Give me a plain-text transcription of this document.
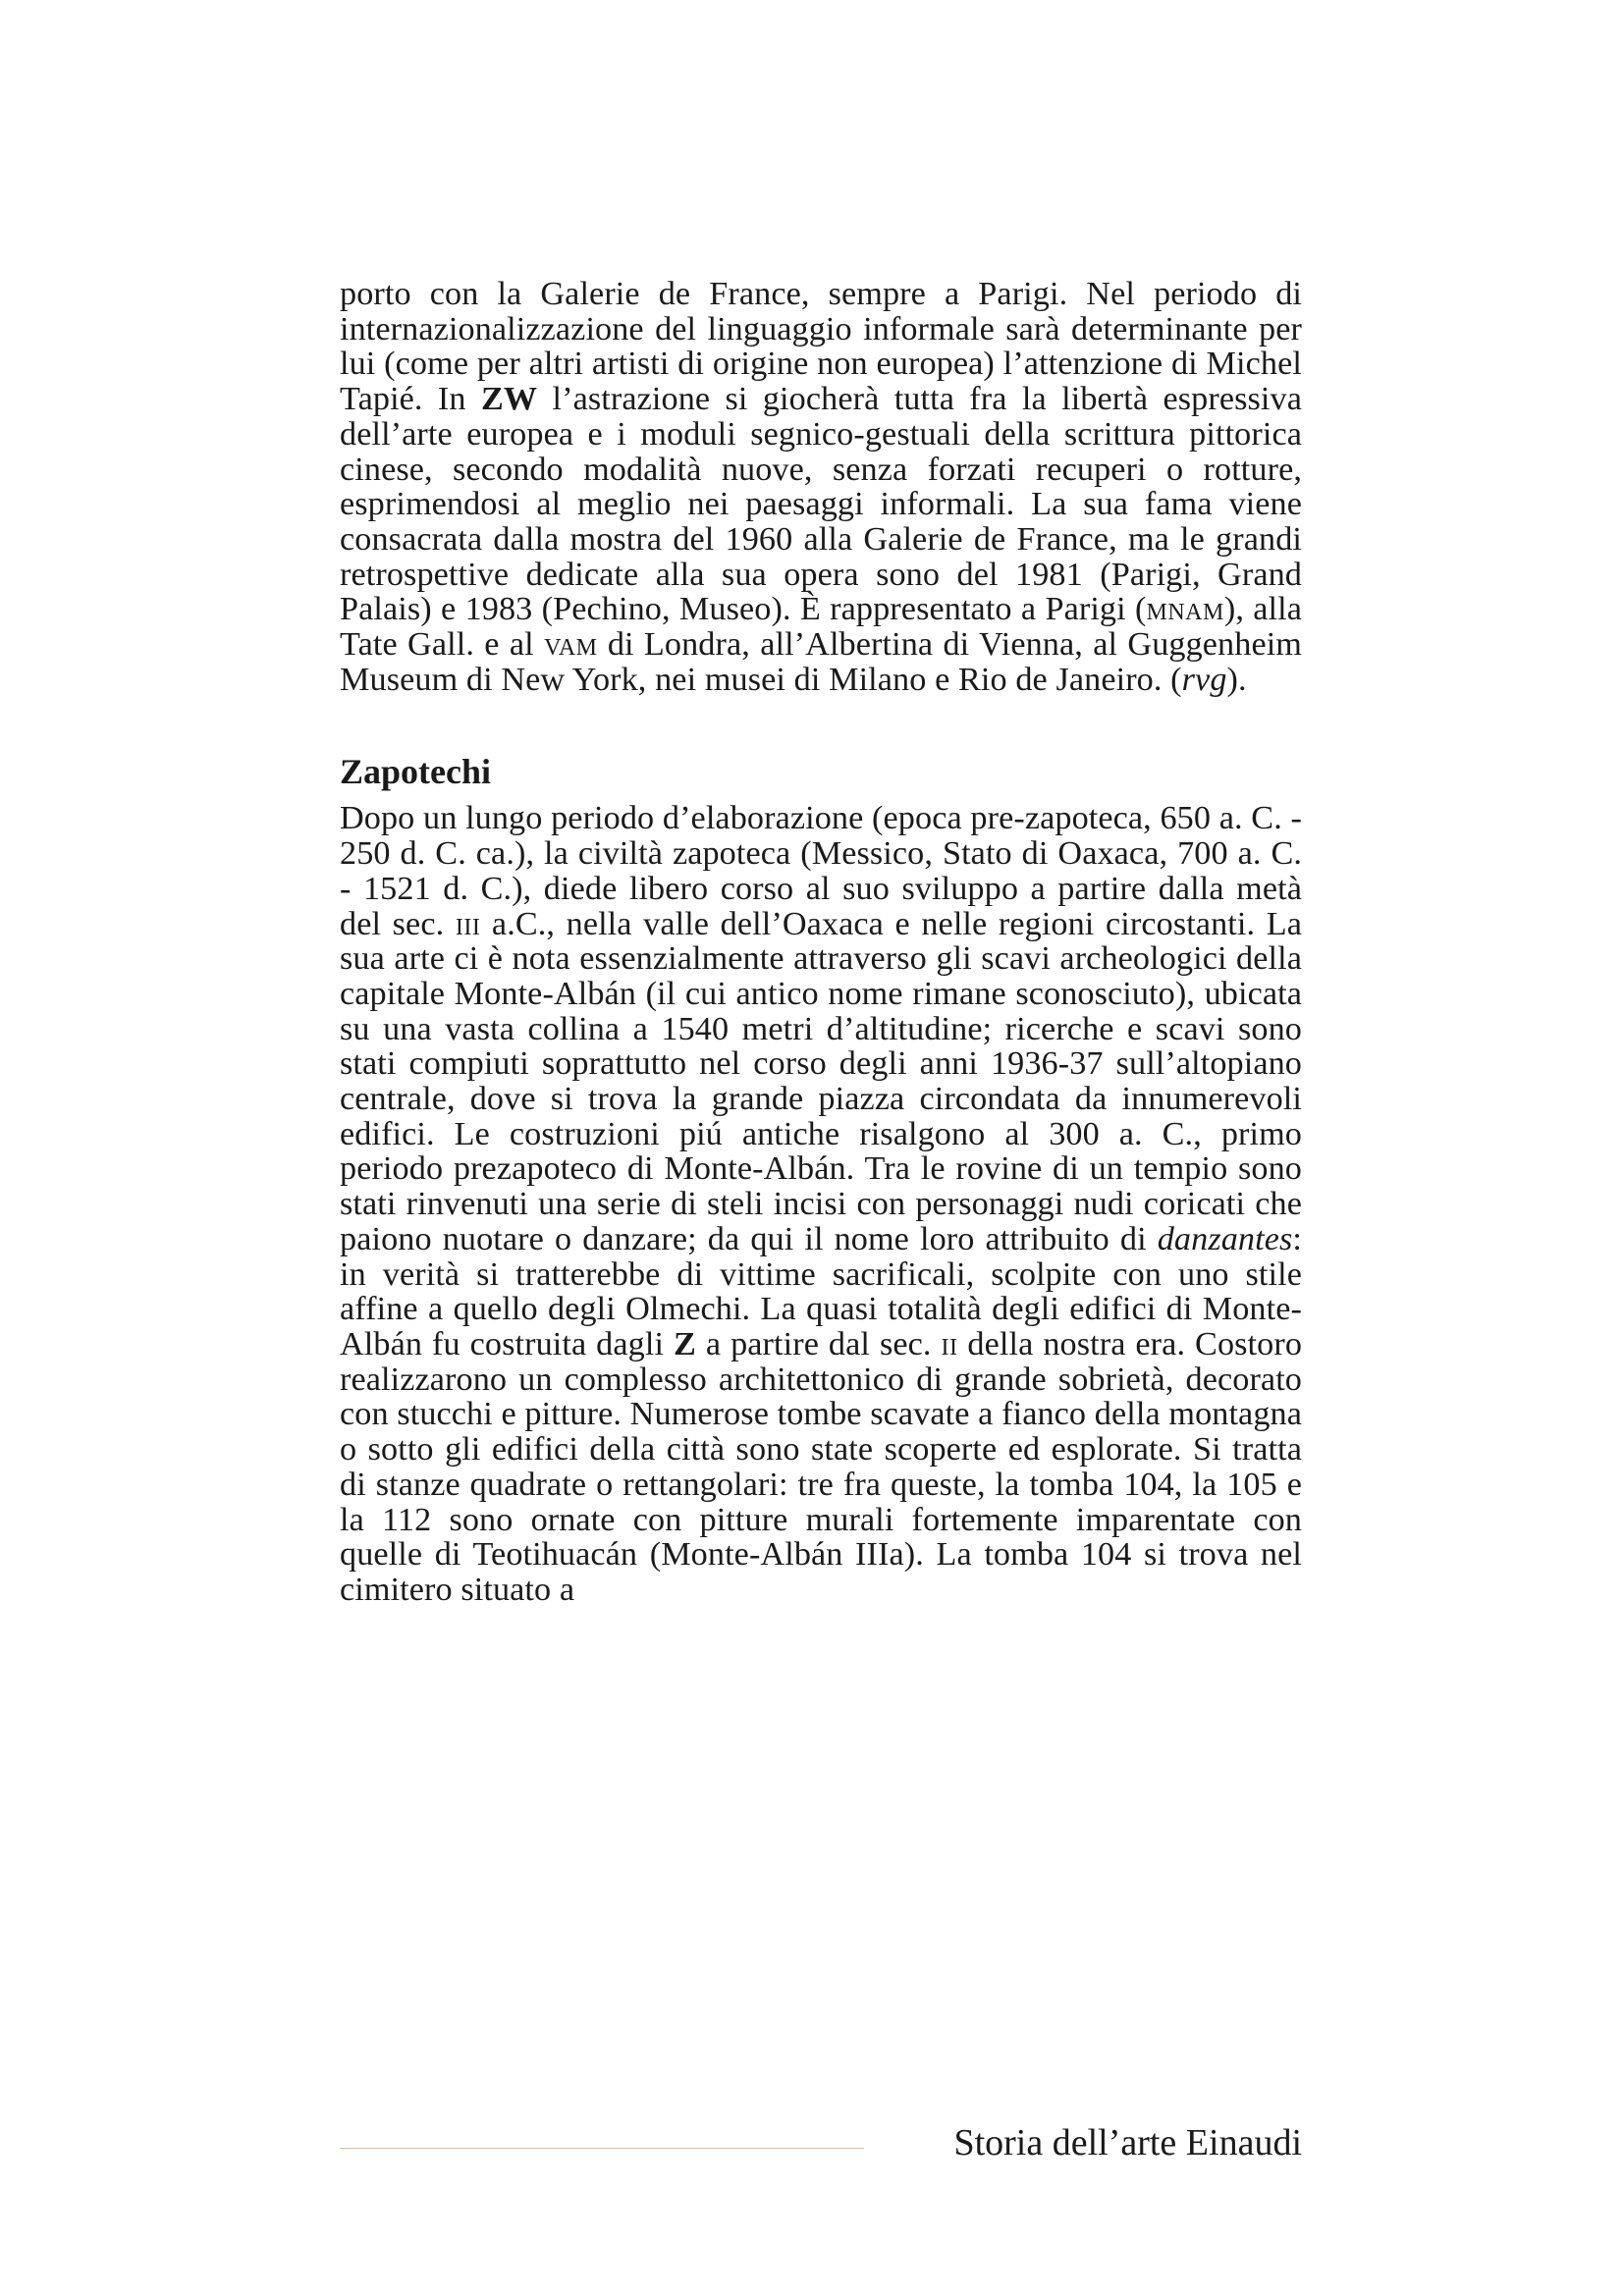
porto con la Galerie de France, sempre a Parigi. Nel periodo di internazionalizzazione del linguaggio informale sarà determinante per lui (come per altri artisti di origine non europea) l’attenzione di Michel Tapié. In ZW l’astrazione si giocherà tutta fra la libertà espressiva dell’arte europea e i moduli segnico-gestuali della scrittura pittorica cinese, secondo modalità nuove, senza forzati recuperi o rotture, esprimendosi al meglio nei paesaggi informali. La sua fama viene consacrata dalla mostra del 1960 alla Galerie de France, ma le grandi retrospettive dedicate alla sua opera sono del 1981 (Parigi, Grand Palais) e 1983 (Pechino, Museo). È rappresentato a Parigi (mnam), alla Tate Gall. e al vam di Londra, all’Albertina di Vienna, al Guggenheim Museum di New York, nei musei di Milano e Rio de Janeiro. (rvg).

Zapotechi

Dopo un lungo periodo d’elaborazione (epoca pre-zapoteca, 650 a. C. - 250 d. C. ca.), la civiltà zapoteca (Messico, Stato di Oaxaca, 700 a. C. - 1521 d. C.), diede libero corso al suo sviluppo a partire dalla metà del sec. iii a.C., nella valle dell’Oaxaca e nelle regioni circostanti. La sua arte ci è nota essenzialmente attraverso gli scavi archeologici della capitale Monte-Albán (il cui antico nome rimane sconosciuto), ubicata su una vasta collina a 1540 metri d’altitudine; ricerche e scavi sono stati compiuti soprattutto nel corso degli anni 1936-37 sull’altopiano centrale, dove si trova la grande piazza circondata da innumerevoli edifici. Le costruzioni piú antiche risalgono al 300 a. C., primo periodo prezapoteco di Monte-Albán. Tra le rovine di un tempio sono stati rinvenuti una serie di steli incisi con personaggi nudi coricati che paiono nuotare o danzare; da qui il nome loro attribuito di danzantes: in verità si tratterebbe di vittime sacrificali, scolpite con uno stile affine a quello degli Olmechi. La quasi totalità degli edifici di Monte-Albán fu costruita dagli Z a partire dal sec. ii della nostra era. Costoro realizzarono un complesso architettonico di grande sobrietà, decorato con stucchi e pitture. Numerose tombe scavate a fianco della montagna o sotto gli edifici della città sono state scoperte ed esplorate. Si tratta di stanze quadrate o rettangolari: tre fra queste, la tomba 104, la 105 e la 112 sono ornate con pitture murali fortemente imparentate con quelle di Teotihuacán (Monte-Albán IIIa). La tomba 104 si trova nel cimitero situato a

Storia dell’arte Einaudi
